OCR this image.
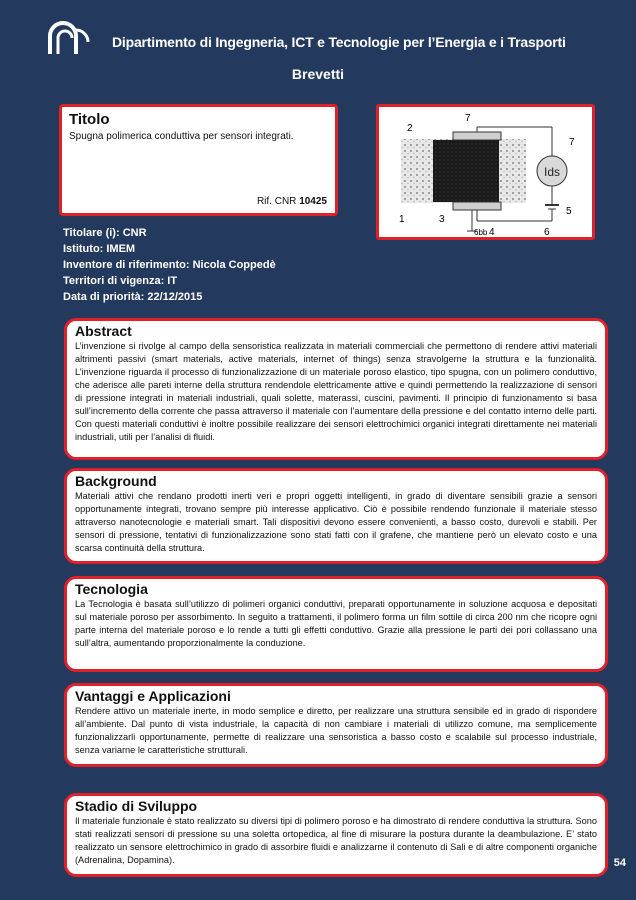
Dipartimento di Ingegneria, ICT e Tecnologie per l’Energia e i Trasporti
Brevetti
Titolo
Spugna polimerica conduttiva per sensori integrati.
Rif. CNR 10425
Ids
2
7
7
5
1	3
4	6
6bb
Titolare (i): CNR
Istituto: IMEM
Inventore di riferimento: Nicola Coppedè
Territori di vigenza: IT
Data di priorità: 22/12/2015
Abstract

L’invenzione si rivolge al campo della sensoristica realizzata in materiali commerciali che permettono di rendere attivi materiali altrimenti passivi (smart materials, active materials, internet of things) senza stravolgerne la struttura e la funzionalità. L’invenzione riguarda il processo di funzionalizzazione di un materiale poroso elastico, tipo spugna, con un polimero conduttivo, che aderisce alle pareti interne della struttura rendendole elettricamente attive e quindi permettendo la realizzazione di sensori di pressione integrati in materiali industriali, quali solette, materassi, cuscini, pavimenti. Il principio di funzionamento si basa sull’incremento della corrente che passa attraverso il materiale con l’aumentare della pressione e del contatto interno delle parti. Con questi materiali conduttivi è inoltre possibile realizzare dei sensori elettrochimici organici integrati direttamente nei materiali industriali, utili per l’analisi di fluidi.

Background

Materiali attivi che rendano prodotti inerti veri e propri oggetti intelligenti, in grado di diventare sensibili grazie a sensori opportunamente integrati, trovano sempre più interesse applicativo. Ciò è possibile rendendo funzionale il materiale stesso attraverso nanotecnologie e materiali smart. Tali dispositivi devono essere convenienti, a basso costo, durevoli e stabili. Per sensori di pressione, tentativi di funzionalizzazione sono stati fatti con il grafene, che mantiene però un elevato costo e una scarsa continuità della struttura.

Tecnologia

La Tecnologia è basata sull’utilizzo di polimeri organici conduttivi, preparati opportunamente in soluzione acquosa e depositati sul materiale poroso per assorbimento. In seguito a trattamenti, il polimero forma un film sottile di circa 200 nm che ricopre ogni parte interna del materiale poroso e lo rende a tutti gli effetti conduttivo. Grazie alla pressione le parti dei pori collassano una sull’altra, aumentando proporzionalmente la conduzione.

Vantaggi e Applicazioni

Rendere attivo un materiale inerte, in modo semplice e diretto, per realizzare una struttura sensibile ed in grado di rispondere all’ambiente. Dal punto di vista industriale, la capacità di non cambiare i materiali di utilizzo comune, ma semplicemente funzionalizzarli opportunamente, permette di realizzare una sensoristica a basso costo e scalabile sul processo industriale, senza variarne le caratteristiche strutturali.

Stadio di Sviluppo

Il materiale funzionale è stato realizzato su diversi tipi di polimero poroso e ha dimostrato di rendere conduttiva la struttura. Sono stati realizzati sensori di pressione su una soletta ortopedica, al fine di misurare la postura durante la deambulazione. E’ stato realizzato un sensore elettrochimico in grado di assorbire fluidi e analizzarne il contenuto di Sali e di altre componenti organiche (Adrenalina, Dopamina).	54
